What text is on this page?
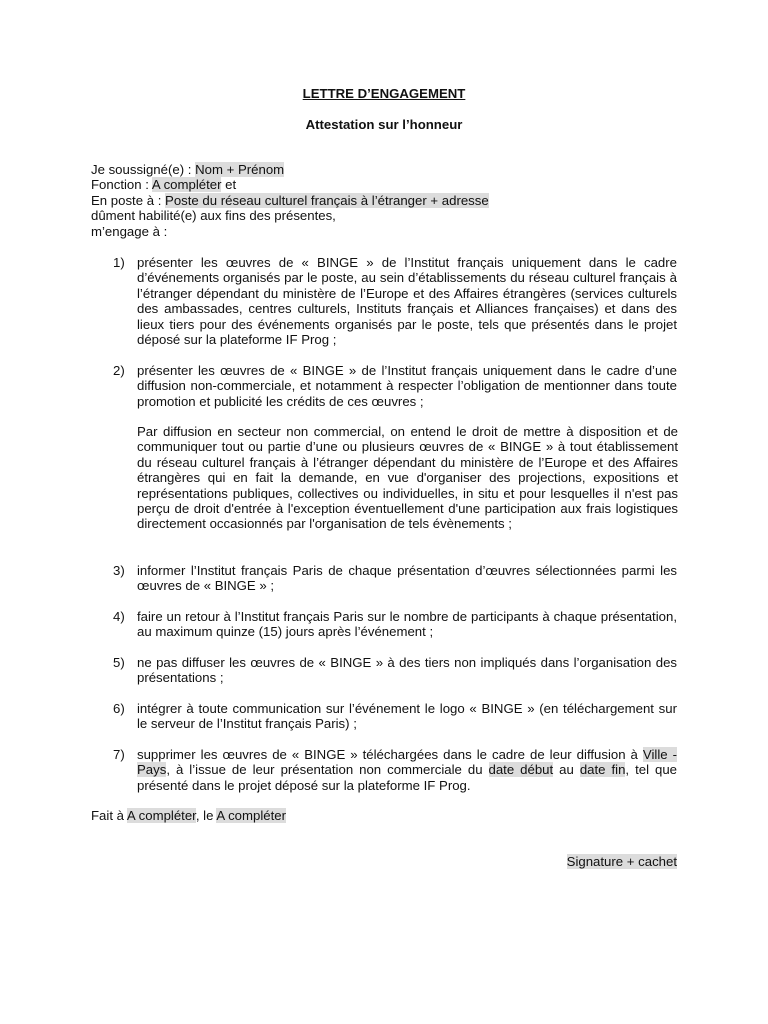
LETTRE D’ENGAGEMENT

Attestation sur l’honneur

Je soussigné(e) : Nom + Prénom
Fonction : A compléter et
En poste à : Poste du réseau culturel français à l’étranger + adresse
dûment habilité(e) aux fins des présentes,
m’engage à :
1) présenter les œuvres de « BINGE » de l’Institut français uniquement dans le cadre d’événements organisés par le poste, au sein d’établissements du réseau culturel français à l’étranger dépendant du ministère de l’Europe et des Affaires étrangères (services culturels des ambassades, centres culturels, Instituts français et Alliances françaises) et dans des lieux tiers pour des événements organisés par le poste, tels que présentés dans le projet déposé sur la plateforme IF Prog ;
2) présenter les œuvres de « BINGE » de l’Institut français uniquement dans le cadre d’une diffusion non-commerciale, et notamment à respecter l’obligation de mentionner dans toute promotion et publicité les crédits de ces œuvres ;

Par diffusion en secteur non commercial, on entend le droit de mettre à disposition et de communiquer tout ou partie d’une ou plusieurs œuvres de « BINGE » à tout établissement du réseau culturel français à l’étranger dépendant du ministère de l’Europe et des Affaires étrangères qui en fait la demande, en vue d'organiser des projections, expositions et représentations publiques, collectives ou individuelles, in situ et pour lesquelles il n'est pas perçu de droit d'entrée à l'exception éventuellement d'une participation aux frais logistiques directement occasionnés par l'organisation de tels évènements ;

3) informer l’Institut français Paris de chaque présentation d’œuvres sélectionnées parmi les œuvres de « BINGE » ;
4) faire un retour à l’Institut français Paris sur le nombre de participants à chaque présentation, au maximum quinze (15) jours après l’événement ;
5) ne pas diffuser les œuvres de « BINGE » à des tiers non impliqués dans l’organisation des présentations ;
6) intégrer à toute communication sur l’événement le logo « BINGE » (en téléchargement sur le serveur de l’Institut français Paris) ;
7) supprimer les œuvres de « BINGE » téléchargées dans le cadre de leur diffusion à Ville - Pays, à l’issue de leur présentation non commerciale du date début au date fin, tel que présenté dans le projet déposé sur la plateforme IF Prog.
Fait à A compléter, le A compléter
Signature + cachet
